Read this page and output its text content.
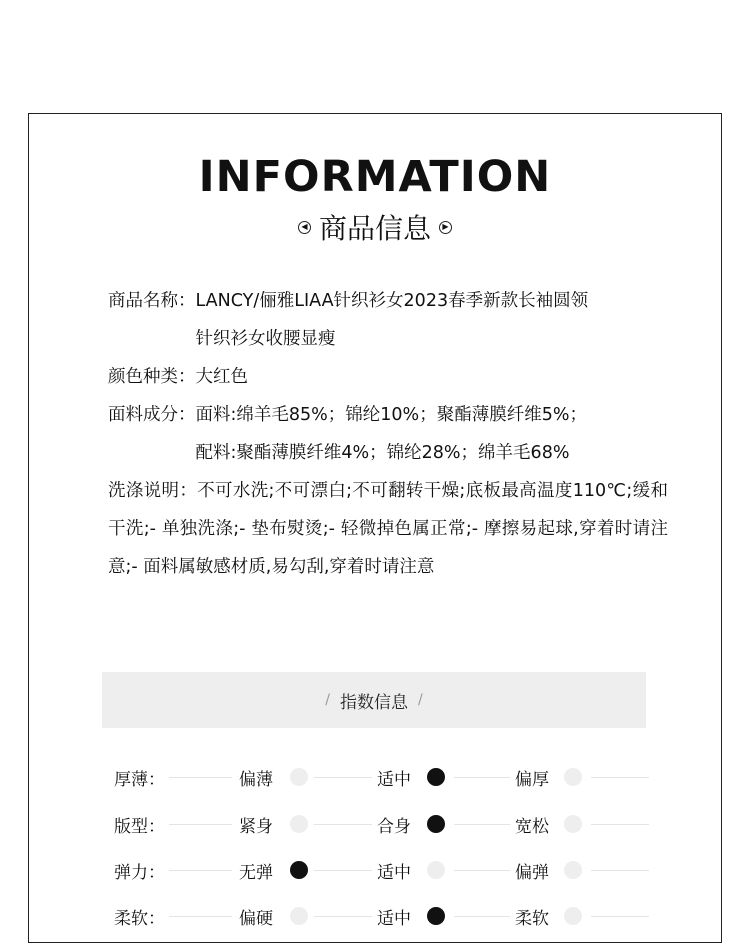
INFORMATION
◀ 商品信息	▶
商品名称： LANCY/俪雅LIAA针织衫女2023春季新款长袖圆领
针织衫女收腰显瘦
颜色种类： 大红色
面料成分： 面料:绵羊毛85%；锦纶10%；聚酯薄膜纤维5%；
配料:聚酯薄膜纤维4%；锦纶28%；绵羊毛68%
洗涤说明：不可水洗;不可漂白;不可翻转干燥;底板最高温度110℃;缓和干洗;- 单独洗涤;- 垫布熨烫;- 轻微掉色属正常;- 摩擦易起球,穿着时请注意;- 面料属敏感材质,易勾刮,穿着时请注意
/ 指数信息 /
厚薄：	偏薄	适中	偏厚
版型：	紧身	合身	宽松
弹力：	无弹	适中	偏弹
柔软：	偏硬	适中	柔软
